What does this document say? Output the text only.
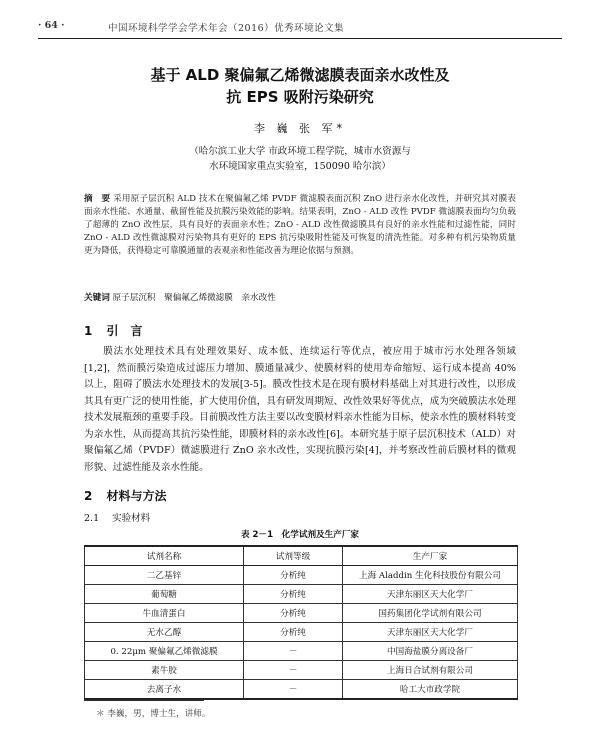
· 64 ·	中国环境科学学会学术年会（2016）优秀环境论文集
基于 ALD 聚偏氟乙烯微滤膜表面亲水改性及
抗 EPS 吸附污染研究
李 巍 张 军*
（哈尔滨工业大学 市政环境工程学院，城市水资源与
水环境国家重点实验室，150090 哈尔滨）
摘　要 采用原子层沉积 ALD 技术在聚偏氟乙烯 PVDF 微滤膜表面沉积 ZnO 进行亲水化改性，并研究其对膜表面亲水性能、水通量、截留性能及抗膜污染效能的影响。结果表明，ZnO - ALD 改性 PVDF 微滤膜表面均匀负载了超薄的 ZnO 改性层，具有良好的表面亲水性；ZnO - ALD 改性微滤膜具有良好的亲水性能和过滤性能，同时 ZnO - ALD 改性微滤膜对污染物具有更好的 EPS 抗污染吸附性能及可恢复的清洗性能。对多种有机污染物质量更为降低，获得稳定可靠膜通量的表观亲和性能改善为理论依据与预测。
关键词 原子层沉积　聚偏氟乙烯微滤膜　亲水改性
1 引　言
膜法水处理技术具有处理效果好、成本低、连续运行等优点，被应用于城市污水处理各领域[1,2]，然而膜污染造成过滤压力增加、膜通量减少、使膜材料的使用寿命缩短、运行成本提高 40% 以上，阻碍了膜法水处理技术的发展[3-5]。膜改性技术是在现有膜材料基础上对其进行改性，以形成其具有更广泛的使用性能，扩大使用价值，具有研发周期短、改性效果好等优点，成为突破膜法水处理技术发展瓶颈的重要手段。目前膜改性方法主要以改变膜材料亲水性能为目标，使亲水性的膜材料转变为亲水性，从而提高其抗污染性能，即膜材料的亲水改性[6]。本研究基于原子层沉积技术（ALD）对聚偏氟乙烯（PVDF）微滤膜进行 ZnO 亲水改性，实现抗膜污染[4]，并考察改性前后膜材料的微观形貌、过滤性能及亲水性能。
2 材料与方法
2.1 实验材料
表 2－1　化学试剂及生产厂家
试剂名称	试剂等级	生产厂家
二乙基锌	分析纯	上海 Aladdin 生化科技股份有限公司
葡萄糖	分析纯	天津东丽区天大化学厂
牛血清蛋白	分析纯	国药集团化学试剂有限公司
无水乙醇	分析纯	天津东丽区天大化学厂
0. 22μm 聚偏氟乙烯微滤膜	－	中国海盐膜分离设备厂
素牛胶	－	上海日合试剂有限公司
去离子水	－	哈工大市政学院
＊ 李巍，男，博士生，讲师。
